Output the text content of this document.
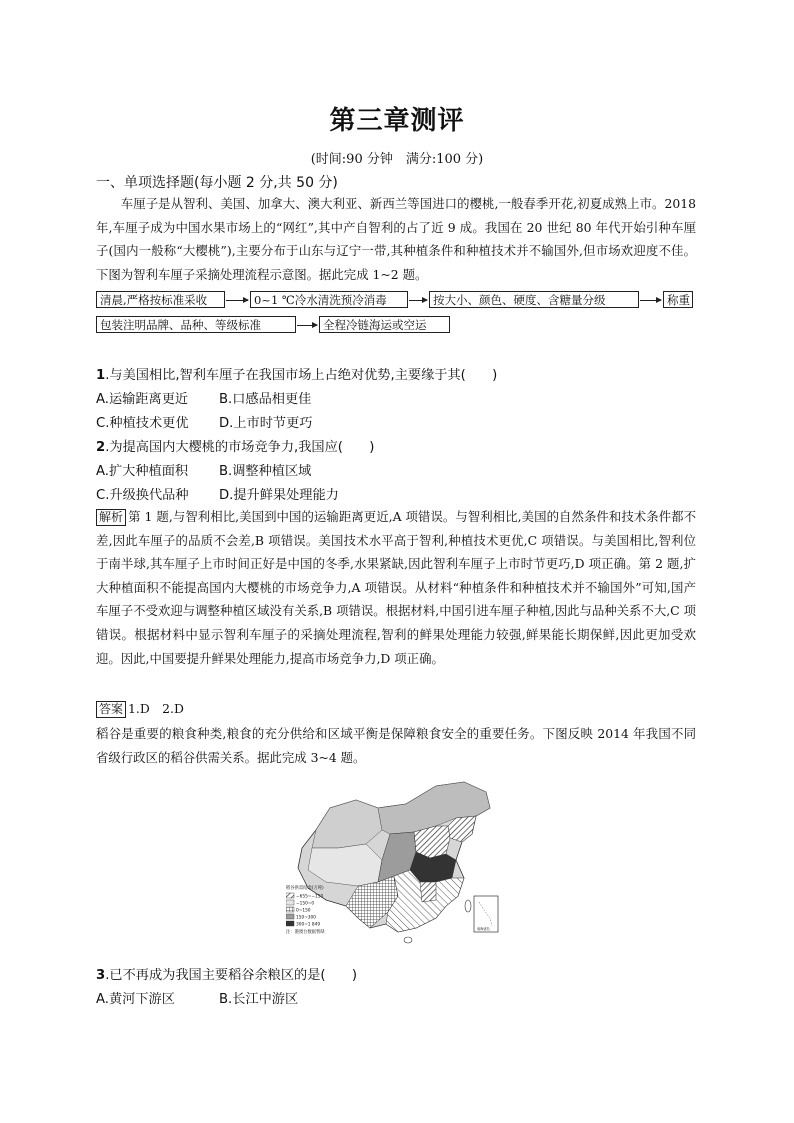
第三章测评
(时间:90 分钟　满分:100 分)
一、单项选择题(每小题 2 分,共 50 分)
车厘子是从智利、美国、加拿大、澳大利亚、新西兰等国进口的樱桃,一般春季开花,初夏成熟上市。2018 年,车厘子成为中国水果市场上的“网红”,其中产自智利的占了近 9 成。我国在 20 世纪 80 年代开始引种车厘子(国内一般称“大樱桃”),主要分布于山东与辽宁一带,其种植条件和种植技术并不输国外,但市场欢迎度不佳。下图为智利车厘子采摘处理流程示意图。据此完成 1~2 题。
清晨,严格按标准采收	0~1 ℃冷水清洗预冷消毒	按大小、颜色、硬度、含糖量分级	称重
包装注明品牌、品种、等级标准	全程冷链海运或空运
1.与美国相比,智利车厘子在我国市场上占绝对优势,主要缘于其(　　)
A.运输距离更近 B.口感品相更佳
C.种植技术更优 D.上市时节更巧
2.为提高国内大樱桃的市场竞争力,我国应(　　)
A.扩大种植面积 B.调整种植区域
C.升级换代品种 D.提升鲜果处理能力
解析 第 1 题,与智利相比,美国到中国的运输距离更近,A 项错误。与智利相比,美国的自然条件和技术条件都不差,因此车厘子的品质不会差,B 项错误。美国技术水平高于智利,种植技术更优,C 项错误。与美国相比,智利位于南半球,其车厘子上市时间正好是中国的冬季,水果紧缺,因此智利车厘子上市时节更巧,D 项正确。第 2 题,扩大种植面积不能提高国内大樱桃的市场竞争力,A 项错误。从材料“种植条件和种植技术并不输国外”可知,国产车厘子不受欢迎与调整种植区域没有关系,B 项错误。根据材料,中国引进车厘子种植,因此与品种关系不大,C 项错误。根据材料中显示智利车厘子的采摘处理流程,智利的鲜果处理能力较强,鲜果能长期保鲜,因此更加受欢迎。因此,中国要提升鲜果处理能力,提高市场竞争力,D 项正确。
答案 1.D　2.D
稻谷是重要的粮食种类,粮食的充分供给和区域平衡是保障粮食安全的重要任务。下图反映 2014 年我国不同省级行政区的稻谷供需关系。据此完成 3~4 题。
稻谷供需结余(万吨)
−655~−150
−150~0
0~150
150~300
300~1 849
注：港澳台数据暂缺
南海诸岛
3.已不再成为我国主要稻谷余粮区的是(　　)
A.黄河下游区	B.长江中游区
